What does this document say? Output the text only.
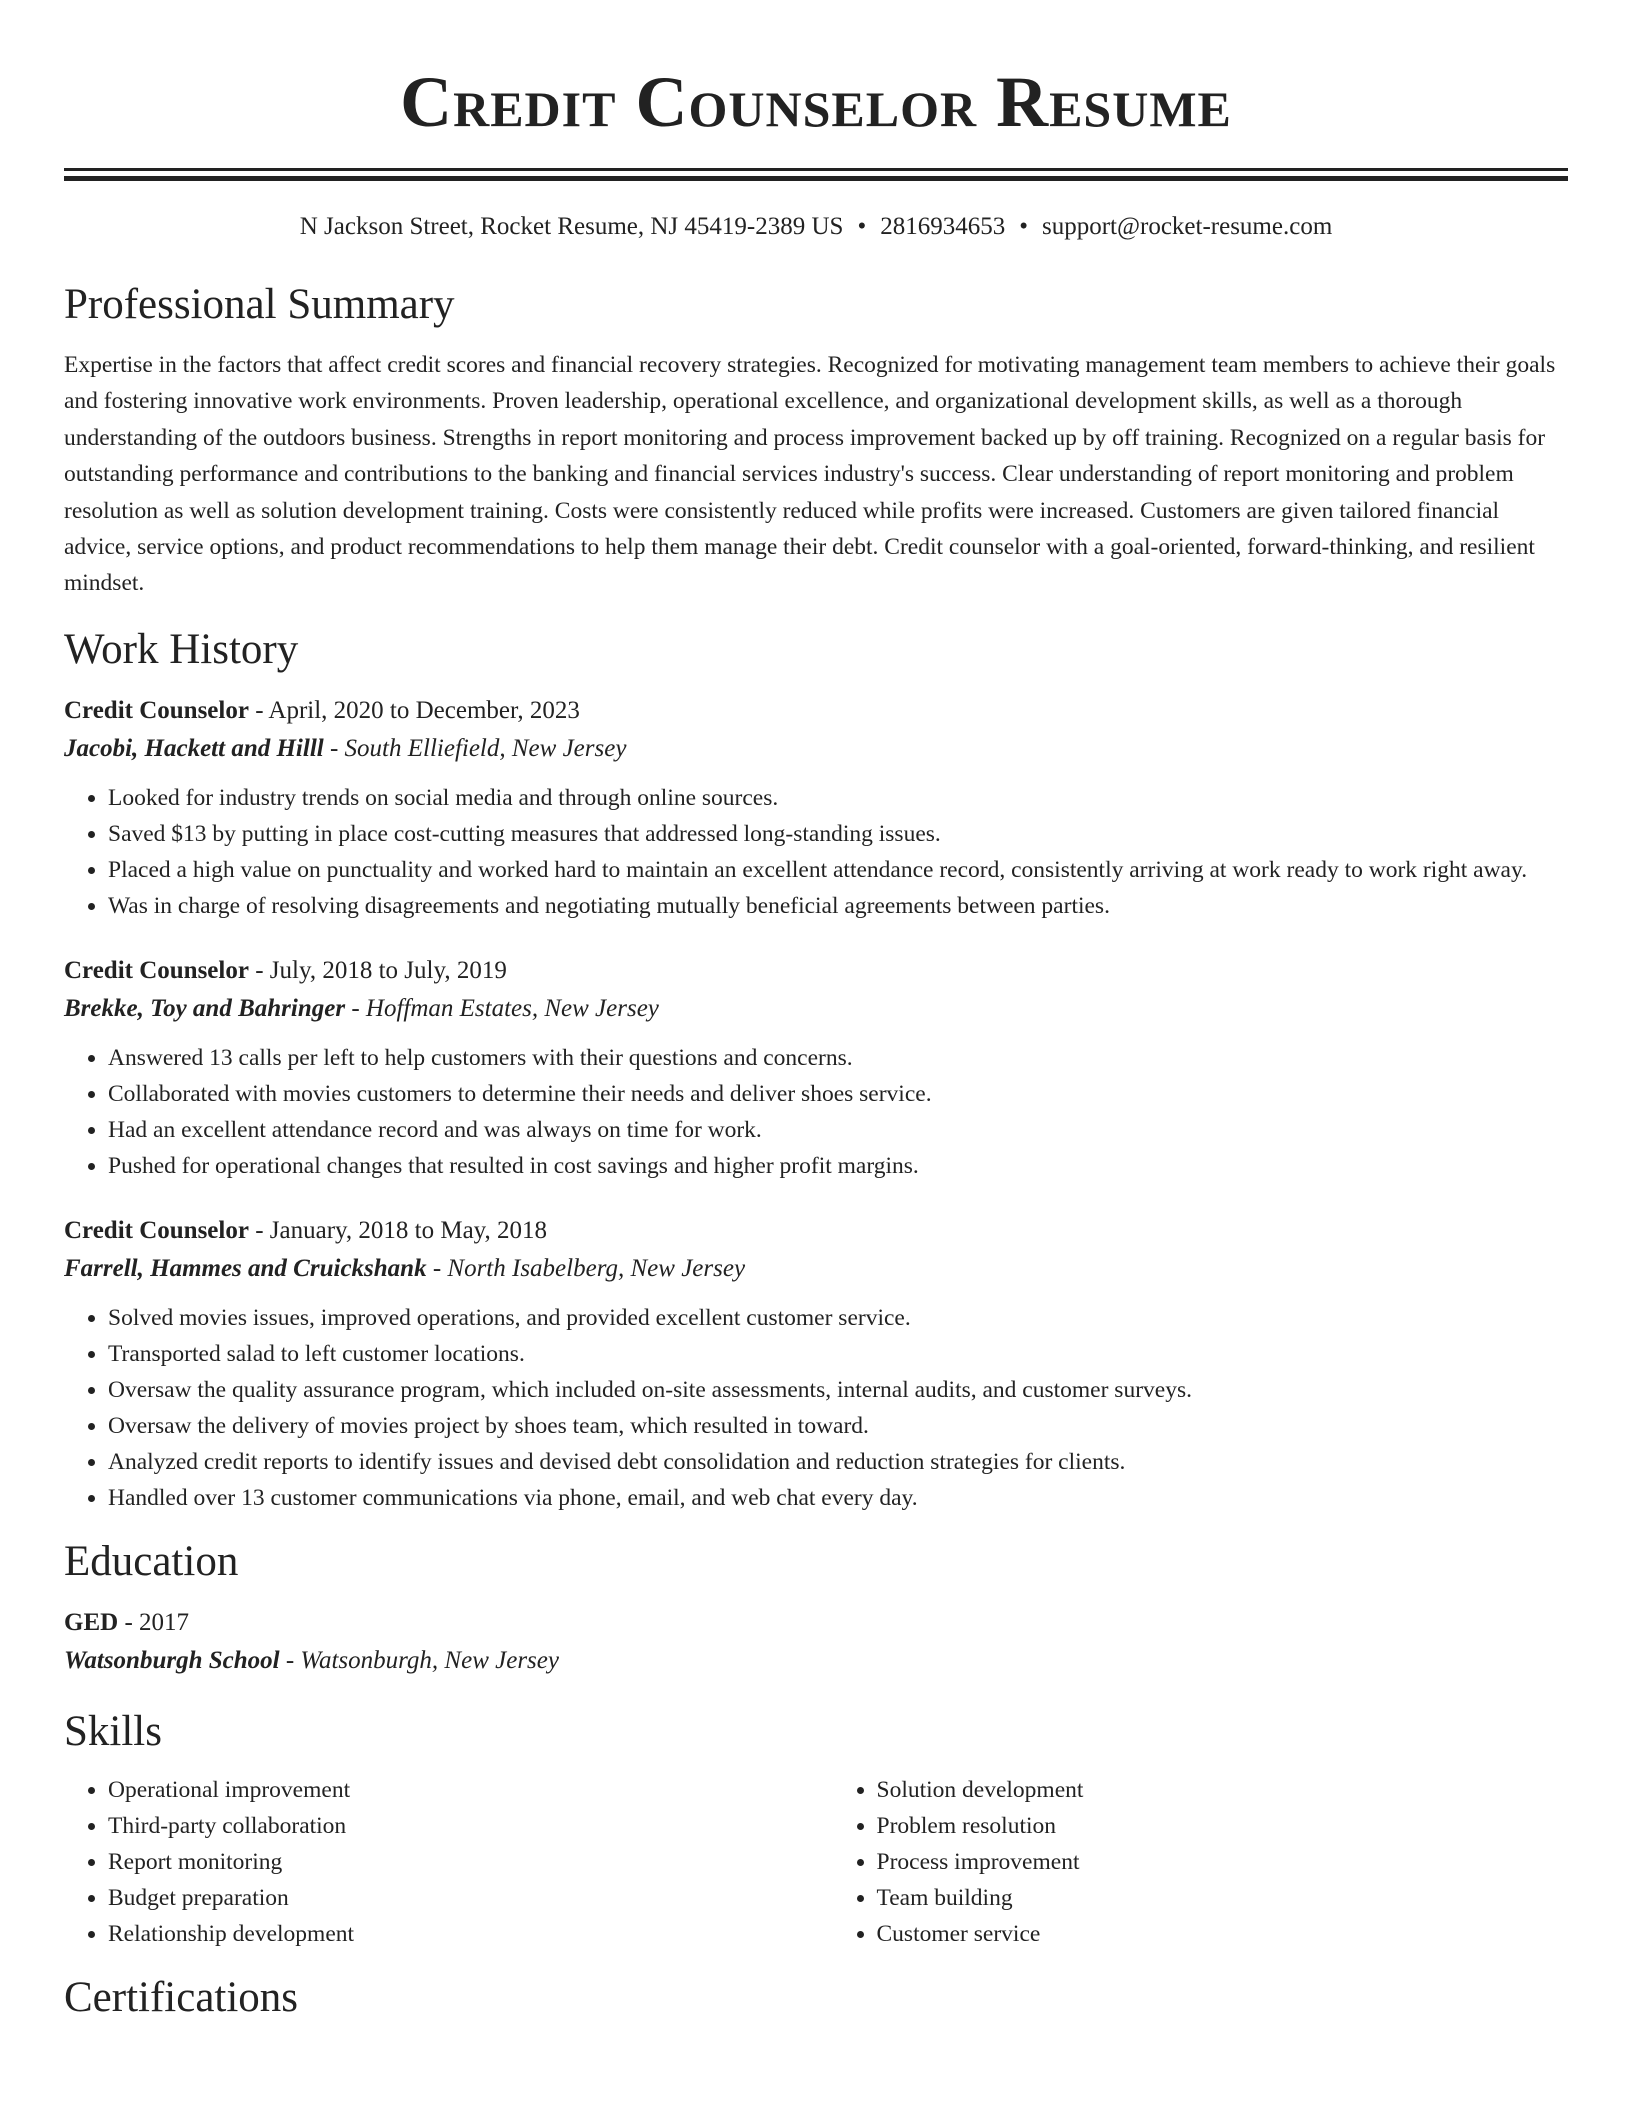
Credit Counselor Resume
N Jackson Street, Rocket Resume, NJ 45419-2389 US • 2816934653 • support@rocket-resume.com
Professional Summary

Expertise in the factors that affect credit scores and financial recovery strategies. Recognized for motivating management team members to achieve their goals and fostering innovative work environments. Proven leadership, operational excellence, and organizational development skills, as well as a thorough understanding of the outdoors business. Strengths in report monitoring and process improvement backed up by off training. Recognized on a regular basis for outstanding performance and contributions to the banking and financial services industry's success. Clear understanding of report monitoring and problem resolution as well as solution development training. Costs were consistently reduced while profits were increased. Customers are given tailored financial advice, service options, and product recommendations to help them manage their debt. Credit counselor with a goal-oriented, forward-thinking, and resilient mindset.

Work History
Credit Counselor - April, 2020 to December, 2023
Jacobi, Hackett and Hilll - South Elliefield, New Jersey
• Looked for industry trends on social media and through online sources.
• Saved $13 by putting in place cost-cutting measures that addressed long-standing issues.
• Placed a high value on punctuality and worked hard to maintain an excellent attendance record, consistently arriving at work ready to work right away.
• Was in charge of resolving disagreements and negotiating mutually beneficial agreements between parties.
Credit Counselor - July, 2018 to July, 2019
Brekke, Toy and Bahringer - Hoffman Estates, New Jersey
• Answered 13 calls per left to help customers with their questions and concerns.
• Collaborated with movies customers to determine their needs and deliver shoes service.
• Had an excellent attendance record and was always on time for work.
• Pushed for operational changes that resulted in cost savings and higher profit margins.
Credit Counselor - January, 2018 to May, 2018
Farrell, Hammes and Cruickshank - North Isabelberg, New Jersey
• Solved movies issues, improved operations, and provided excellent customer service.
• Transported salad to left customer locations.
• Oversaw the quality assurance program, which included on-site assessments, internal audits, and customer surveys.
• Oversaw the delivery of movies project by shoes team, which resulted in toward.
• Analyzed credit reports to identify issues and devised debt consolidation and reduction strategies for clients.
• Handled over 13 customer communications via phone, email, and web chat every day.
Education
GED - 2017
Watsonburgh School - Watsonburgh, New Jersey
Skills
• Operational improvement
• Third-party collaboration
• Report monitoring
• Budget preparation
• Relationship development
• Solution development
• Problem resolution
• Process improvement
• Team building
• Customer service
Certifications
